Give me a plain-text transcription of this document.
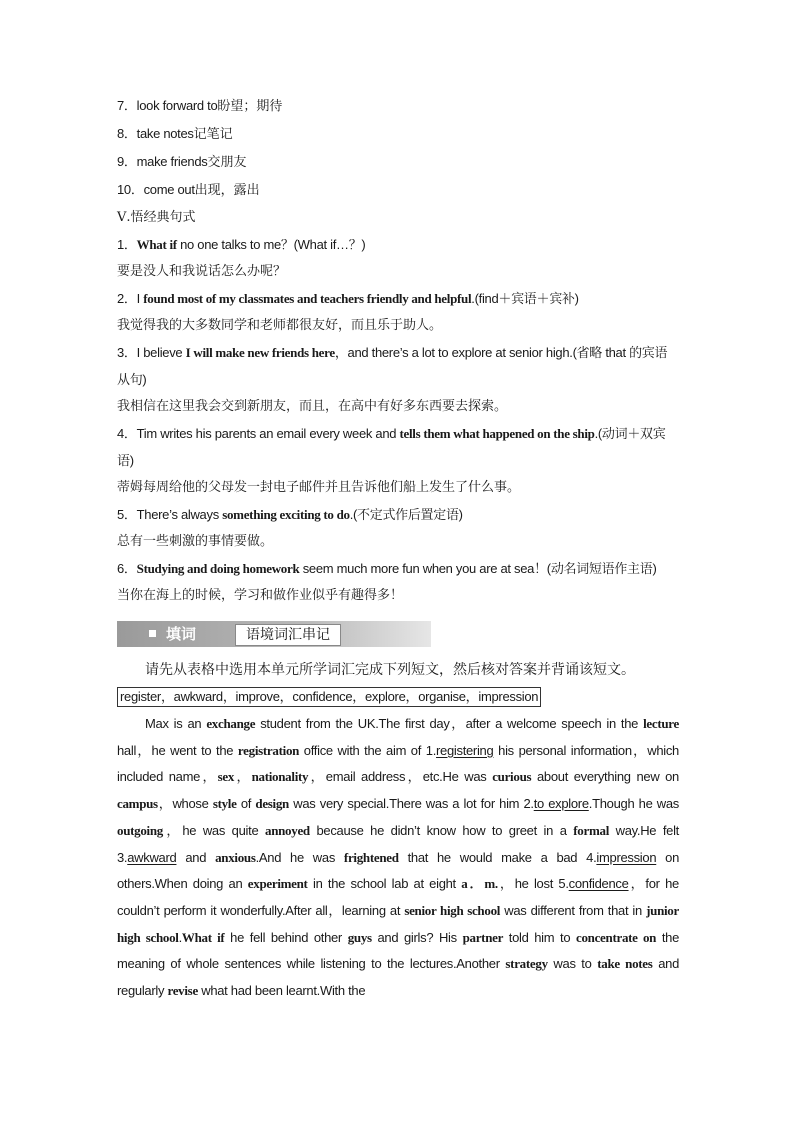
7．look forward to盼望；期待
8．take notes记笔记
9．make friends交朋友
10．come out出现，露出
Ⅴ.悟经典句式
1．What if no one talks to me？(What if…？)
要是没人和我说话怎么办呢？
2．I found most of my classmates and teachers friendly and helpful.(find＋宾语＋宾补)
我觉得我的大多数同学和老师都很友好，而且乐于助人。
3．I believe I will make new friends here，and there’s a lot to explore at senior high.(省略 that 的宾语从句)
我相信在这里我会交到新朋友，而且，在高中有好多东西要去探索。
4．Tim writes his parents an email every week and tells them what happened on the ship.(动词＋双宾语)
蒂姆每周给他的父母发一封电子邮件并且告诉他们船上发生了什么事。
5．There’s always something exciting to do.(不定式作后置定语)
总有一些刺激的事情要做。
6．Studying and doing homework seem much more fun when you are at sea！(动名词短语作主语)
当你在海上的时候，学习和做作业似乎有趣得多！
填词	语境词汇串记
请先从表格中选用本单元所学词汇完成下列短文，然后核对答案并背诵该短文。
register，awkward，improve，confidence，explore，organise，impression
Max is an exchange student from the UK.The first day，after a welcome speech in the lecture hall，he went to the registration office with the aim of 1.registering his personal information，which included name，sex，nationality，email address，etc.He was curious about everything new on campus，whose style of design was very special.There was a lot for him 2.to explore.Though he was outgoing，he was quite annoyed because he didn’t know how to greet in a formal way.He felt 3.awkward and anxious.And he was frightened that he would make a bad 4.impression on others.When doing an experiment in the school lab at eight a．m.，he lost 5.confidence，for he couldn’t perform it wonderfully.After all，learning at senior high school was different from that in junior high school.What if he fell behind other guys and girls? His partner told him to concentrate on the meaning of whole sentences while listening to the lectures.Another strategy was to take notes and regularly revise what had been learnt.With the
